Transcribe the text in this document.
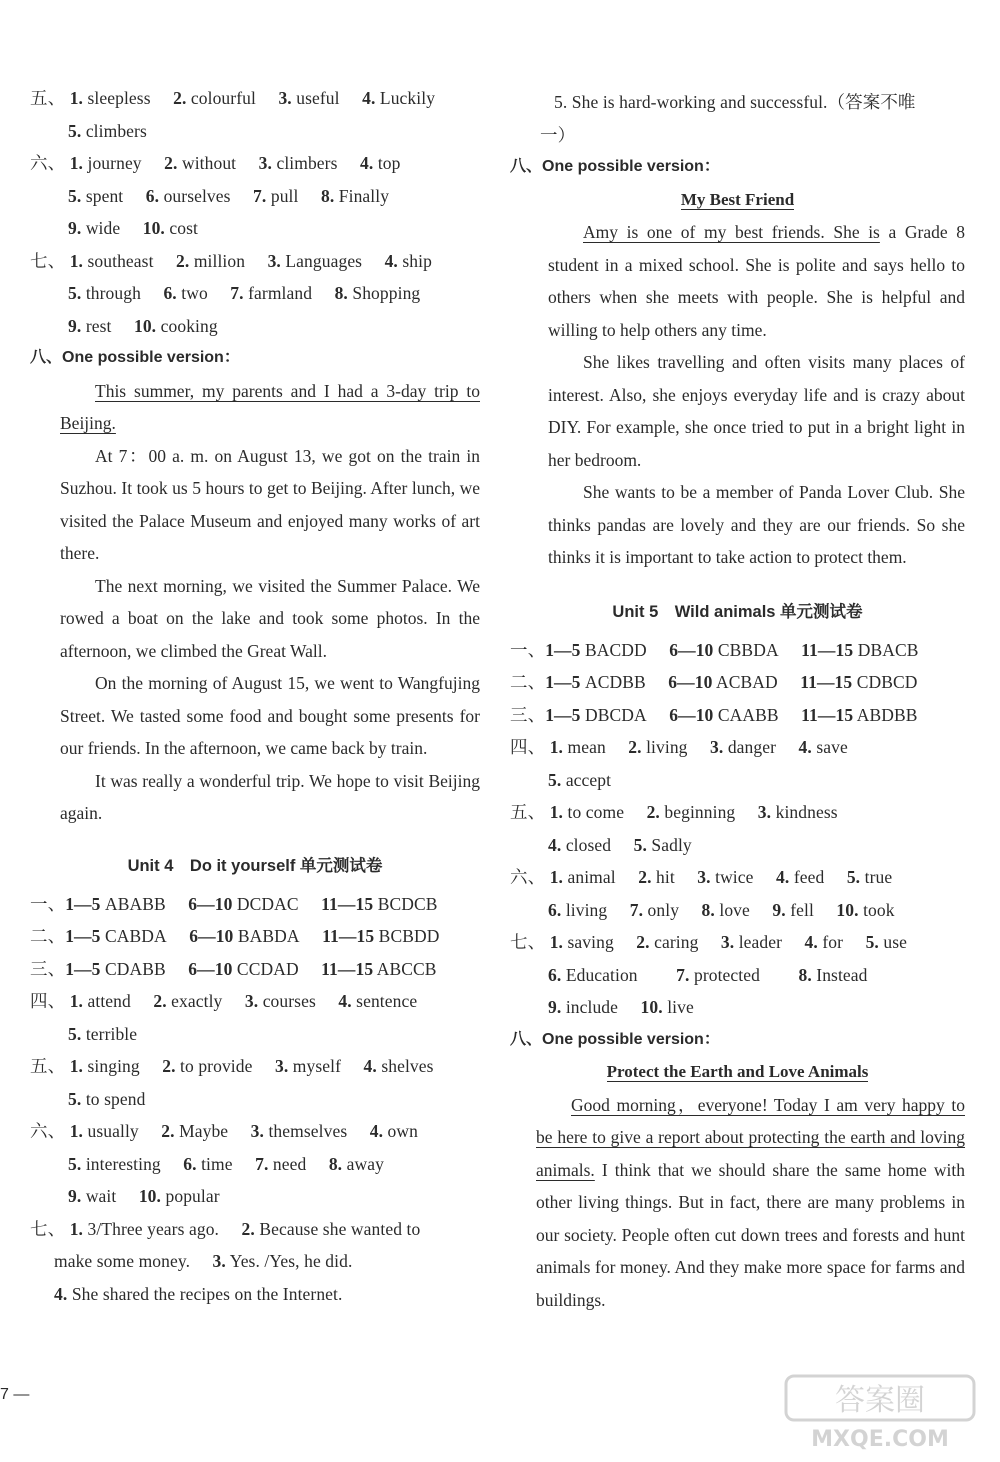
五、 1. sleepless 2. colourful 3. useful 4. Luckily
5. climbers
六、 1. journey 2. without 3. climbers 4. top
5. spent 6. ourselves 7. pull 8. Finally
9. wide 10. cost
七、 1. southeast 2. million 3. Languages 4. ship
5. through 6. two 7. farmland 8. Shopping
9. rest 10. cooking
八、One possible version：
This summer, my parents and I had a 3-day trip to Beijing.
At 7：00 a. m. on August 13, we got on the train in Suzhou. It took us 5 hours to get to Beijing. After lunch, we visited the Palace Museum and enjoyed many works of art there.
The next morning, we visited the Summer Palace. We rowed a boat on the lake and took some photos. In the afternoon, we climbed the Great Wall.
On the morning of August 15, we went to Wangfujing Street. We tasted some food and bought some presents for our friends. In the afternoon, we came back by train.
It was really a wonderful trip. We hope to visit Beijing again.
Unit 4　Do it yourself 单元测试卷
一、1—5 ABABB 6—10 DCDAC 11—15 BCDCB
二、1—5 CABDA 6—10 BABDA 11—15 BCBDD
三、1—5 CDABB 6—10 CCDAD 11—15 ABCCB
四、 1. attend 2. exactly 3. courses 4. sentence
5. terrible
五、 1. singing 2. to provide 3. myself 4. shelves
5. to spend
六、 1. usually 2. Maybe 3. themselves 4. own
5. interesting 6. time 7. need 8. away
9. wait 10. popular
七、 1. 3/Three years ago. 2. Because she wanted to
make some money. 3. Yes. /Yes, he did.
4. She shared the recipes on the Internet.
7 —
5. She is hard-working and successful.（答案不唯
一）
八、One possible version：
My Best Friend
Amy is one of my best friends. She is a Grade 8 student in a mixed school. She is polite and says hello to others when she meets with people. She is helpful and willing to help others any time.
She likes travelling and often visits many places of interest. Also, she enjoys everyday life and is crazy about DIY. For example, she once tried to put in a bright light in her bedroom.
She wants to be a member of Panda Lover Club. She thinks pandas are lovely and they are our friends. So she thinks it is important to take action to protect them.
Unit 5　Wild animals 单元测试卷
一、1—5 BACDD 6—10 CBBDA 11—15 DBACB
二、1—5 ACDBB 6—10 ACBAD 11—15 CDBCD
三、1—5 DBCDA 6—10 CAABB 11—15 ABDBB
四、 1. mean 2. living 3. danger 4. save
5. accept
五、 1. to come 2. beginning 3. kindness
4. closed 5. Sadly
六、 1. animal 2. hit 3. twice 4. feed 5. true
6. living 7. only 8. love 9. fell 10. took
七、 1. saving 2. caring 3. leader 4. for 5. use
6. Education 7. protected 8. Instead
9. include 10. live
八、One possible version：
Protect the Earth and Love Animals
Good morning，everyone! Today I am very happy to be here to give a report about protecting the earth and loving animals. I think that we should share the same home with other living things. But in fact, there are many problems in our society. People often cut down trees and forests and hunt animals for money. And they make more space for farms and buildings.
答案圈
MXQE.COM
